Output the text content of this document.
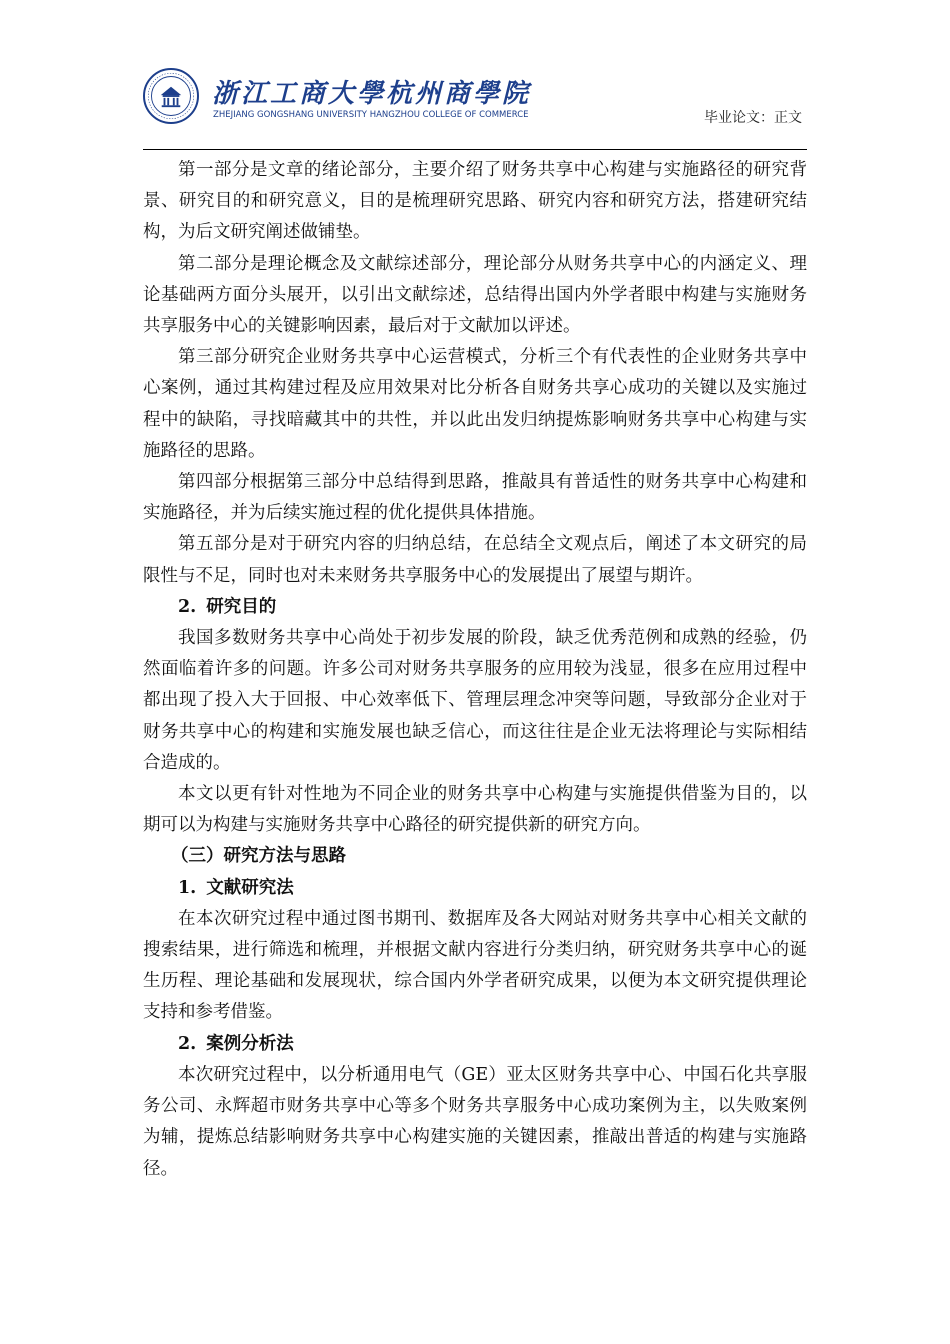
浙江工商大學杭州商學院
ZHEJIANG GONGSHANG UNIVERSITY HANGZHOU COLLEGE OF COMMERCE	毕业论文：正文

第一部分是文章的绪论部分，主要介绍了财务共享中心构建与实施路径的研究背景、研究目的和研究意义，目的是梳理研究思路、研究内容和研究方法，搭建研究结构，为后文研究阐述做铺垫。

第二部分是理论概念及文献综述部分，理论部分从财务共享中心的内涵定义、理论基础两方面分头展开，以引出文献综述，总结得出国内外学者眼中构建与实施财务共享服务中心的关键影响因素，最后对于文献加以评述。

第三部分研究企业财务共享中心运营模式，分析三个有代表性的企业财务共享中心案例，通过其构建过程及应用效果对比分析各自财务共享心成功的关键以及实施过程中的缺陷，寻找暗藏其中的共性，并以此出发归纳提炼影响财务共享中心构建与实施路径的思路。

第四部分根据第三部分中总结得到思路，推敲具有普适性的财务共享中心构建和实施路径，并为后续实施过程的优化提供具体措施。

第五部分是对于研究内容的归纳总结，在总结全文观点后，阐述了本文研究的局限性与不足，同时也对未来财务共享服务中心的发展提出了展望与期许。

2. 研究目的

我国多数财务共享中心尚处于初步发展的阶段，缺乏优秀范例和成熟的经验，仍然面临着许多的问题。许多公司对财务共享服务的应用较为浅显，很多在应用过程中都出现了投入大于回报、中心效率低下、管理层理念冲突等问题，导致部分企业对于财务共享中心的构建和实施发展也缺乏信心，而这往往是企业无法将理论与实际相结合造成的。

本文以更有针对性地为不同企业的财务共享中心构建与实施提供借鉴为目的，以期可以为构建与实施财务共享中心路径的研究提供新的研究方向。

（三）研究方法与思路
1. 文献研究法

在本次研究过程中通过图书期刊、数据库及各大网站对财务共享中心相关文献的搜索结果，进行筛选和梳理，并根据文献内容进行分类归纳，研究财务共享中心的诞生历程、理论基础和发展现状，综合国内外学者研究成果，以便为本文研究提供理论支持和参考借鉴。

2. 案例分析法

本次研究过程中，以分析通用电气（GE）亚太区财务共享中心、中国石化共享服务公司、永辉超市财务共享中心等多个财务共享服务中心成功案例为主，以失败案例为辅，提炼总结影响财务共享中心构建实施的关键因素，推敲出普适的构建与实施路径。
